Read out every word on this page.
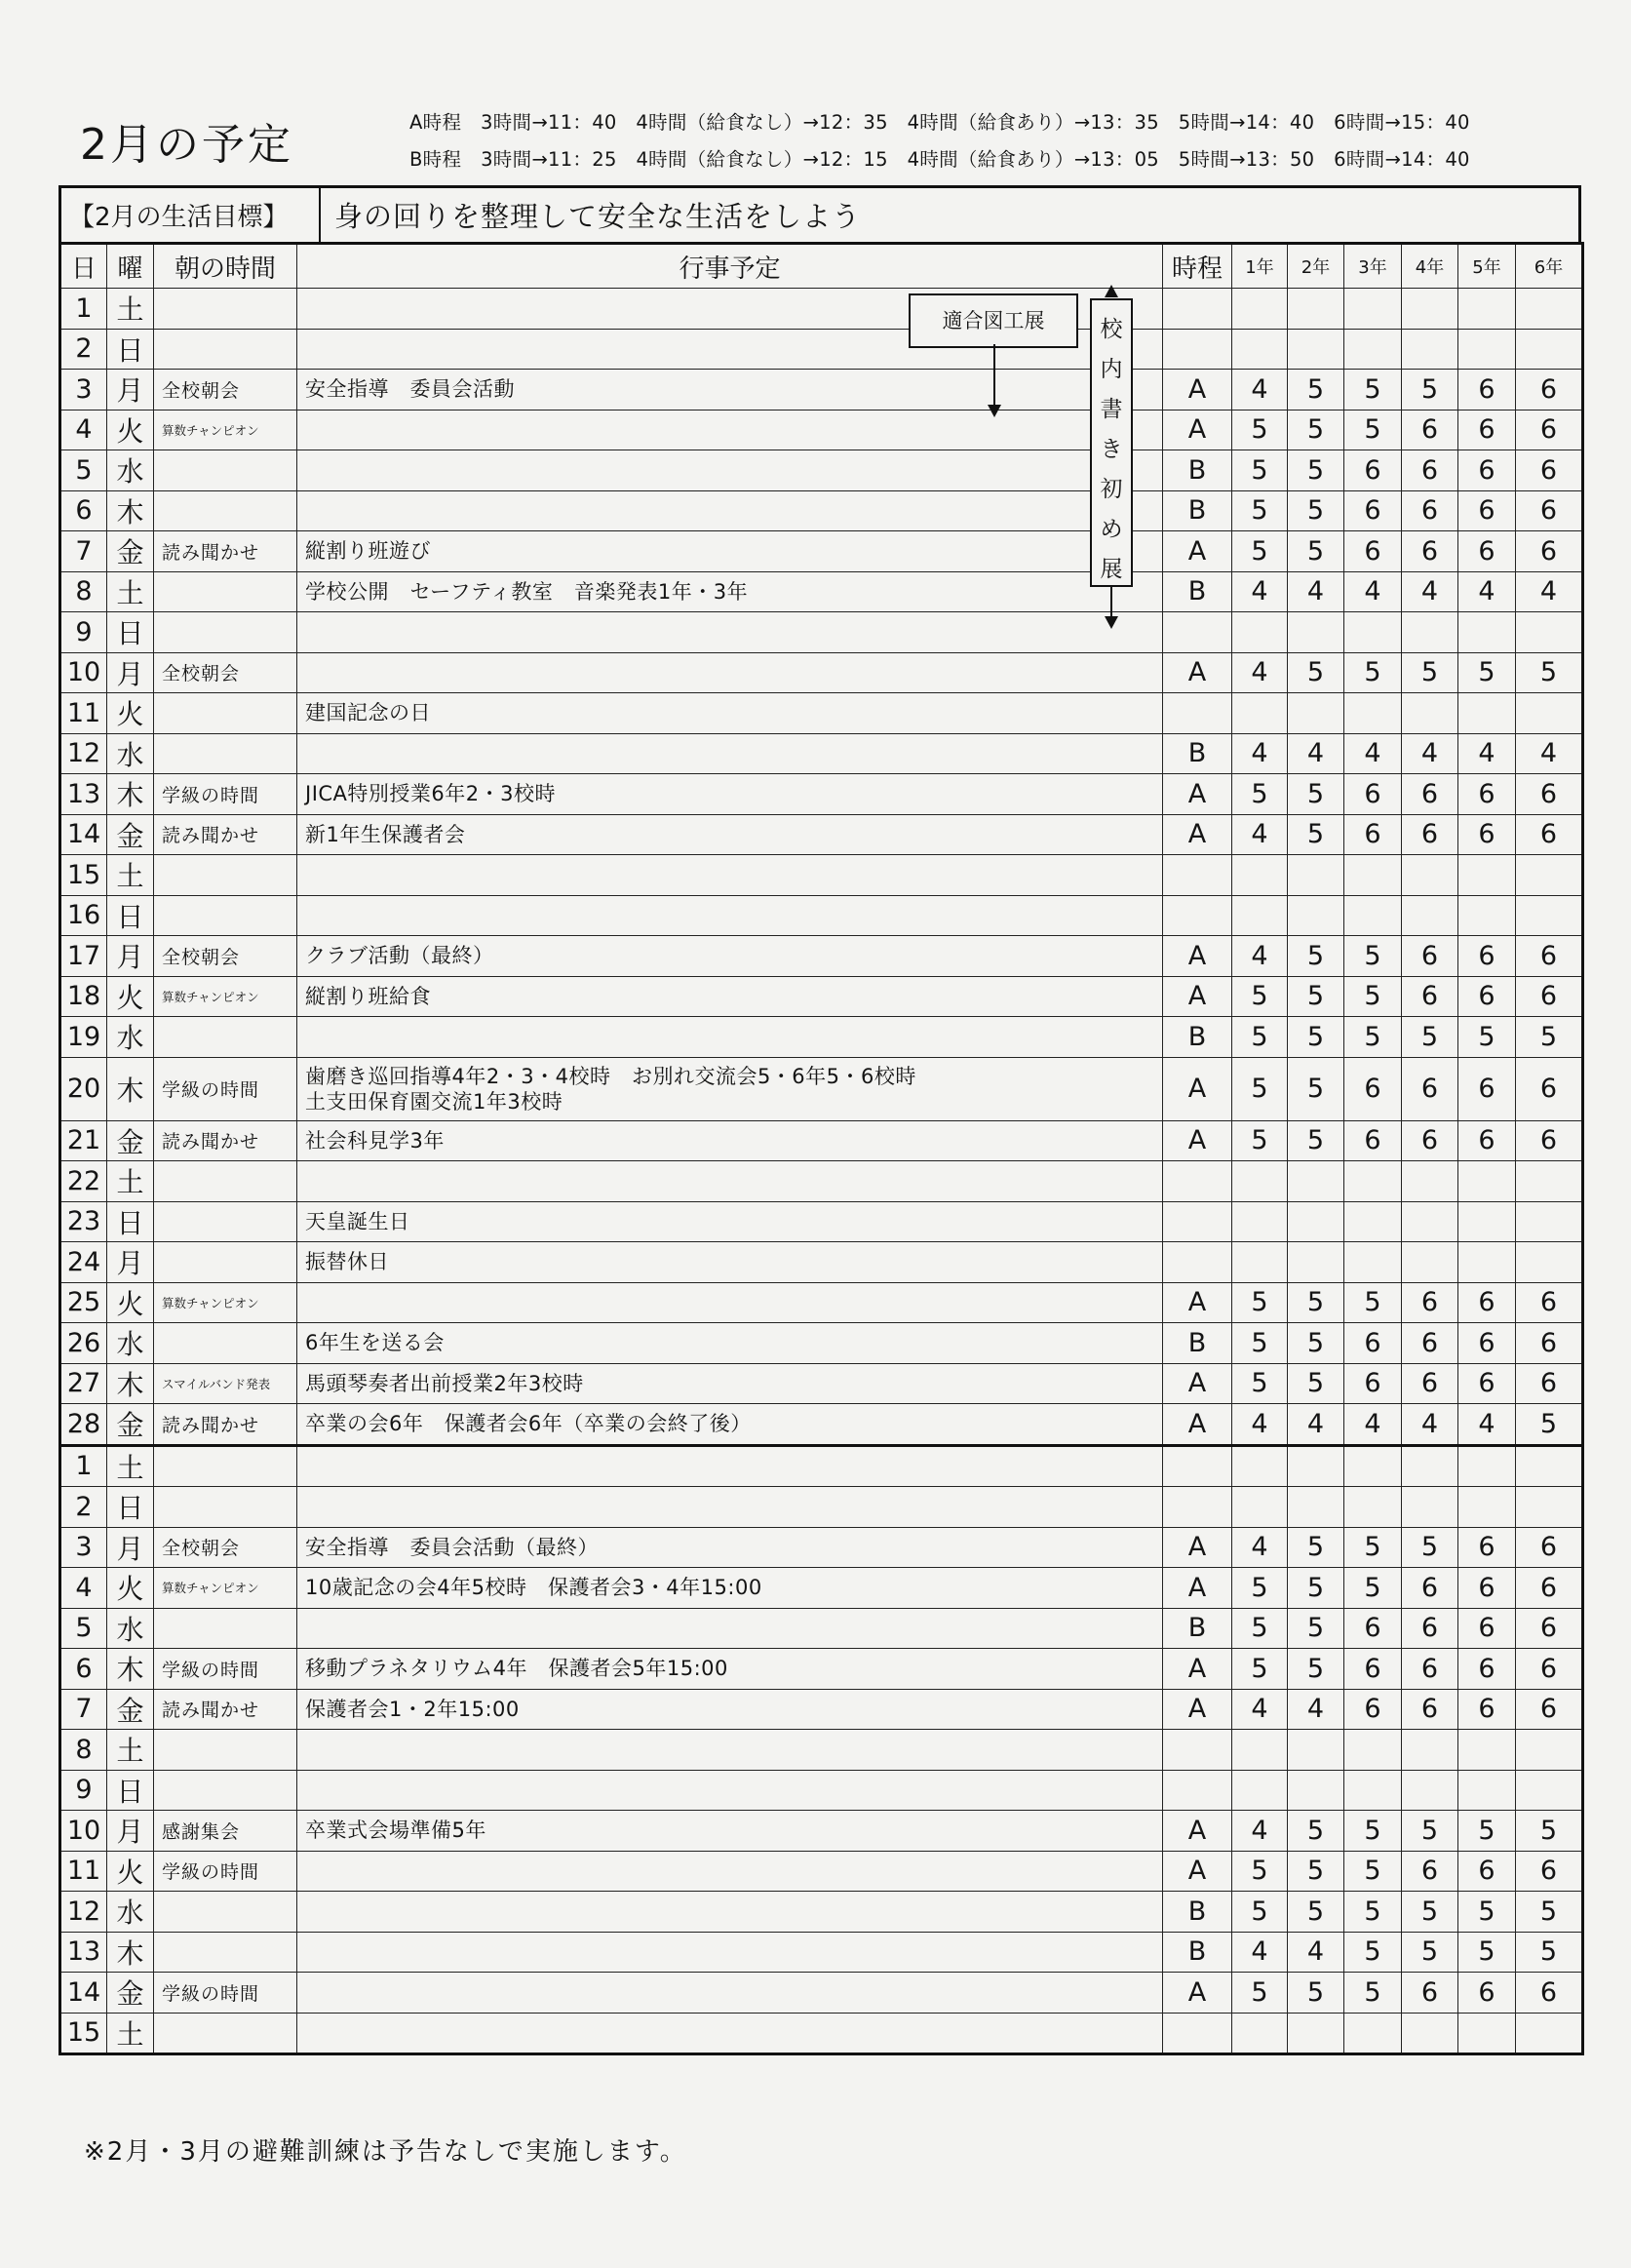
2月の予定	A時程　3時間→11：40　4時間（給食なし）→12：35　4時間（給食あり）→13：35　5時間→14：40　6時間→15：40
B時程　3時間→11：25　4時間（給食なし）→12：15　4時間（給食あり）→13：05　5時間→13：50　6時間→14：40
【2月の生活目標】	身の回りを整理して安全な生活をしよう
日	曜	朝の時間	行事予定	時程	1年	2年	3年	4年	5年	6年
1	土		

2	日		

3	月	全校朝会	安全指導　委員会活動	A	4	5	5	5	6	6
4	火	算数チャンピオン		A	5	5	5	6	6	6
5	水			B	5	5	6	6	6	6
6	木			B	5	5	6	6	6	6
7	金	読み聞かせ	縦割り班遊び	A	5	5	6	6	6	6
8	土		学校公開　セーフティ教室　音楽発表1年・3年	B	4	4	4	4	4	4
9	日		

10	月	全校朝会		A	4	5	5	5	5	5
11	火		建国記念の日							

12	水			B	4	4	4	4	4	4
13	木	学級の時間	JICA特別授業6年2・3校時	A	5	5	6	6	6	6
14	金	読み聞かせ	新1年生保護者会	A	4	5	6	6	6	6
15	土		

16	日		

17	月	全校朝会	クラブ活動（最終）	A	4	5	5	6	6	6
18	火	算数チャンピオン	縦割り班給食	A	5	5	5	6	6	6
19	水			B	5	5	5	5	5	5
20	木	学級の時間	歯磨き巡回指導4年2・3・4校時　お別れ交流会5・6年5・6校時
土支田保育園交流1年3校時	A	5	5	6	6	6	6
21	金	読み聞かせ	社会科見学3年	A	5	5	6	6	6	6
22	土		

23	日		天皇誕生日							

24	月		振替休日							

25	火	算数チャンピオン		A	5	5	5	6	6	6
26	水		6年生を送る会	B	5	5	6	6	6	6
27	木	スマイルバンド発表	馬頭琴奏者出前授業2年3校時	A	5	5	6	6	6	6
28	金	読み聞かせ	卒業の会6年　保護者会6年（卒業の会終了後）	A	4	4	4	4	4	5
1	土		

2	日		

3	月	全校朝会	安全指導　委員会活動（最終）	A	4	5	5	5	6	6
4	火	算数チャンピオン	10歳記念の会4年5校時　保護者会3・4年15:00	A	5	5	5	6	6	6
5	水			B	5	5	6	6	6	6
6	木	学級の時間	移動プラネタリウム4年　保護者会5年15:00	A	5	5	6	6	6	6
7	金	読み聞かせ	保護者会1・2年15:00	A	4	4	6	6	6	6
8	土		

9	日		

10	月	感謝集会	卒業式会場準備5年	A	4	5	5	5	5	5
11	火	学級の時間		A	5	5	5	6	6	6
12	水			B	5	5	5	5	5	5
13	木			B	4	4	5	5	5	5
14	金	学級の時間		A	5	5	5	6	6	6
15	土		

適合図工展	校
内
書
き
初
め
展

※2月・3月の避難訓練は予告なしで実施します。
